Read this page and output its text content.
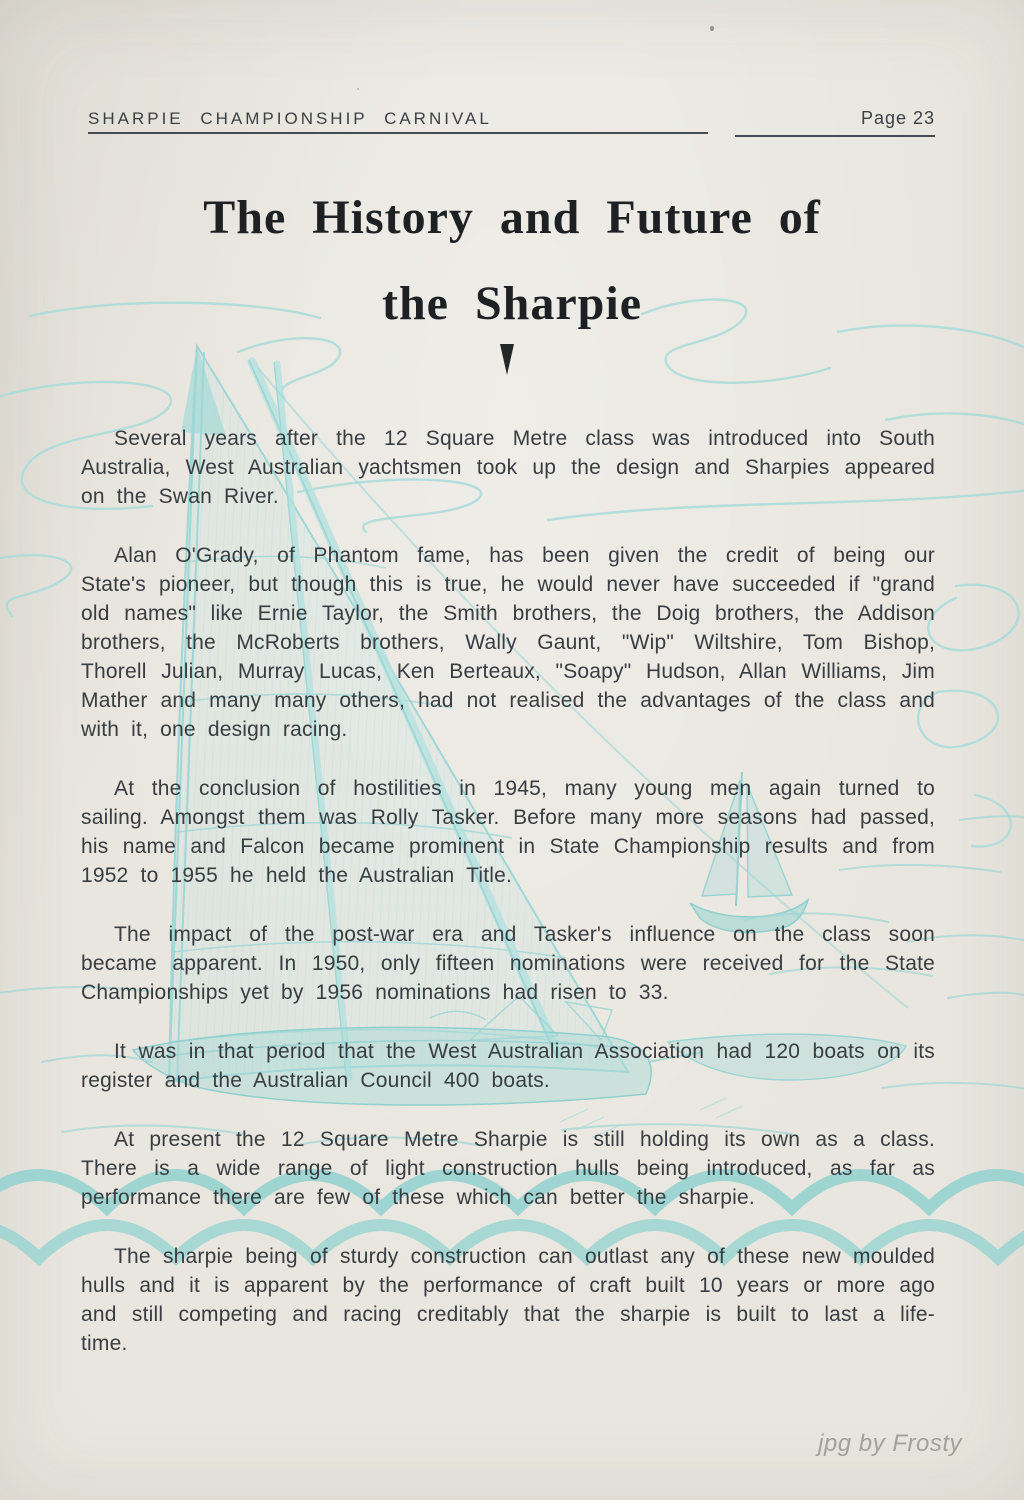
SHARPIE CHAMPIONSHIP CARNIVAL	Page 23
The History and Future of
the Sharpie

Several years after the 12 Square Metre class was introduced into South Australia, West Australian yachtsmen took up the design and Sharpies appeared on the Swan River.

Alan O'Grady, of Phantom fame, has been given the credit of being our State's pioneer, but though this is true, he would never have succeeded if "grand old names" like Ernie Taylor, the Smith brothers, the Doig brothers, the Addison brothers, the McRoberts brothers, Wally Gaunt, "Wip" Wiltshire, Tom Bishop, Thorell Julian, Murray Lucas, Ken Berteaux, "Soapy" Hudson, Allan Williams, Jim Mather and many many others, had not realised the advantages of the class and with it, one design racing.

At the conclusion of hostilities in 1945, many young men again turned to sailing. Amongst them was Rolly Tasker. Before many more seasons had passed, his name and Falcon became prominent in State Championship results and from 1952 to 1955 he held the Australian Title.

The impact of the post-war era and Tasker's influence on the class soon became apparent. In 1950, only fifteen nominations were received for the State Championships yet by 1956 nominations had risen to 33.

It was in that period that the West Australian Association had 120 boats on its register and the Australian Council 400 boats.

At present the 12 Square Metre Sharpie is still holding its own as a class. There is a wide range of light construction hulls being introduced, as far as performance there are few of these which can better the sharpie.

The sharpie being of sturdy construction can outlast any of these new moulded hulls and it is apparent by the performance of craft built 10 years or more ago and still competing and racing creditably that the sharpie is built to last a life-time.

jpg by Frosty
